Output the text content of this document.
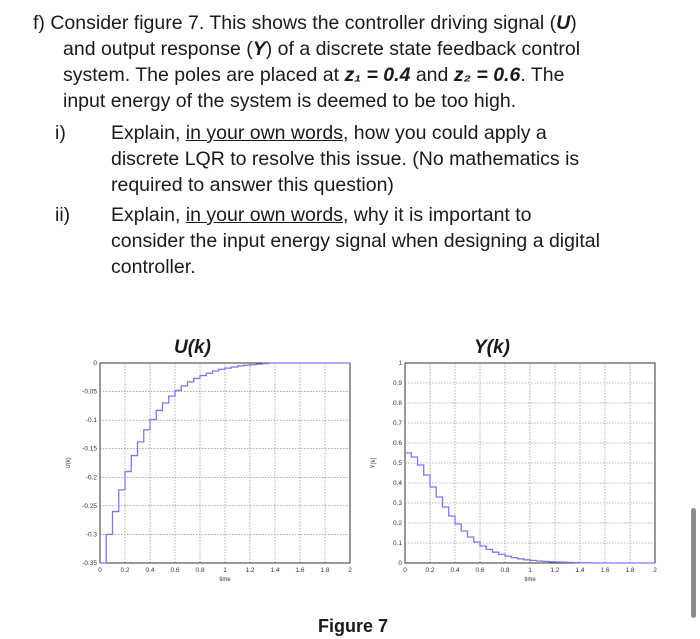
f) Consider figure 7. This shows the controller driving signal (U)
and output response (Y) of a discrete state feedback control
system. The poles are placed at z₁ = 0.4 and z₂ = 0.6. The
input energy of the system is deemed to be too high.
i) Explain, in your own words, how you could apply a
discrete LQR to resolve this issue. (No mathematics is
required to answer this question)
ii) Explain, in your own words, why it is important to
consider the input energy signal when designing a digital
controller.
U(k)	Y(k)
0	0.2 0.4 0.6 0.8	1	1.2 1.4 1.6 1.8	2
0
-0.05
-0.1
-0.15
-0.2
-0.25
-0.3
-0.35
time
U(k)
0	0.2 0.4 0.6 0.8	1	1.2 1.4 1.6 1.8	2
0
0.1
0.2
0.3
0.4
0.5
0.6
0.7
0.8
0.9
1
time
Y(k)
Figure 7
